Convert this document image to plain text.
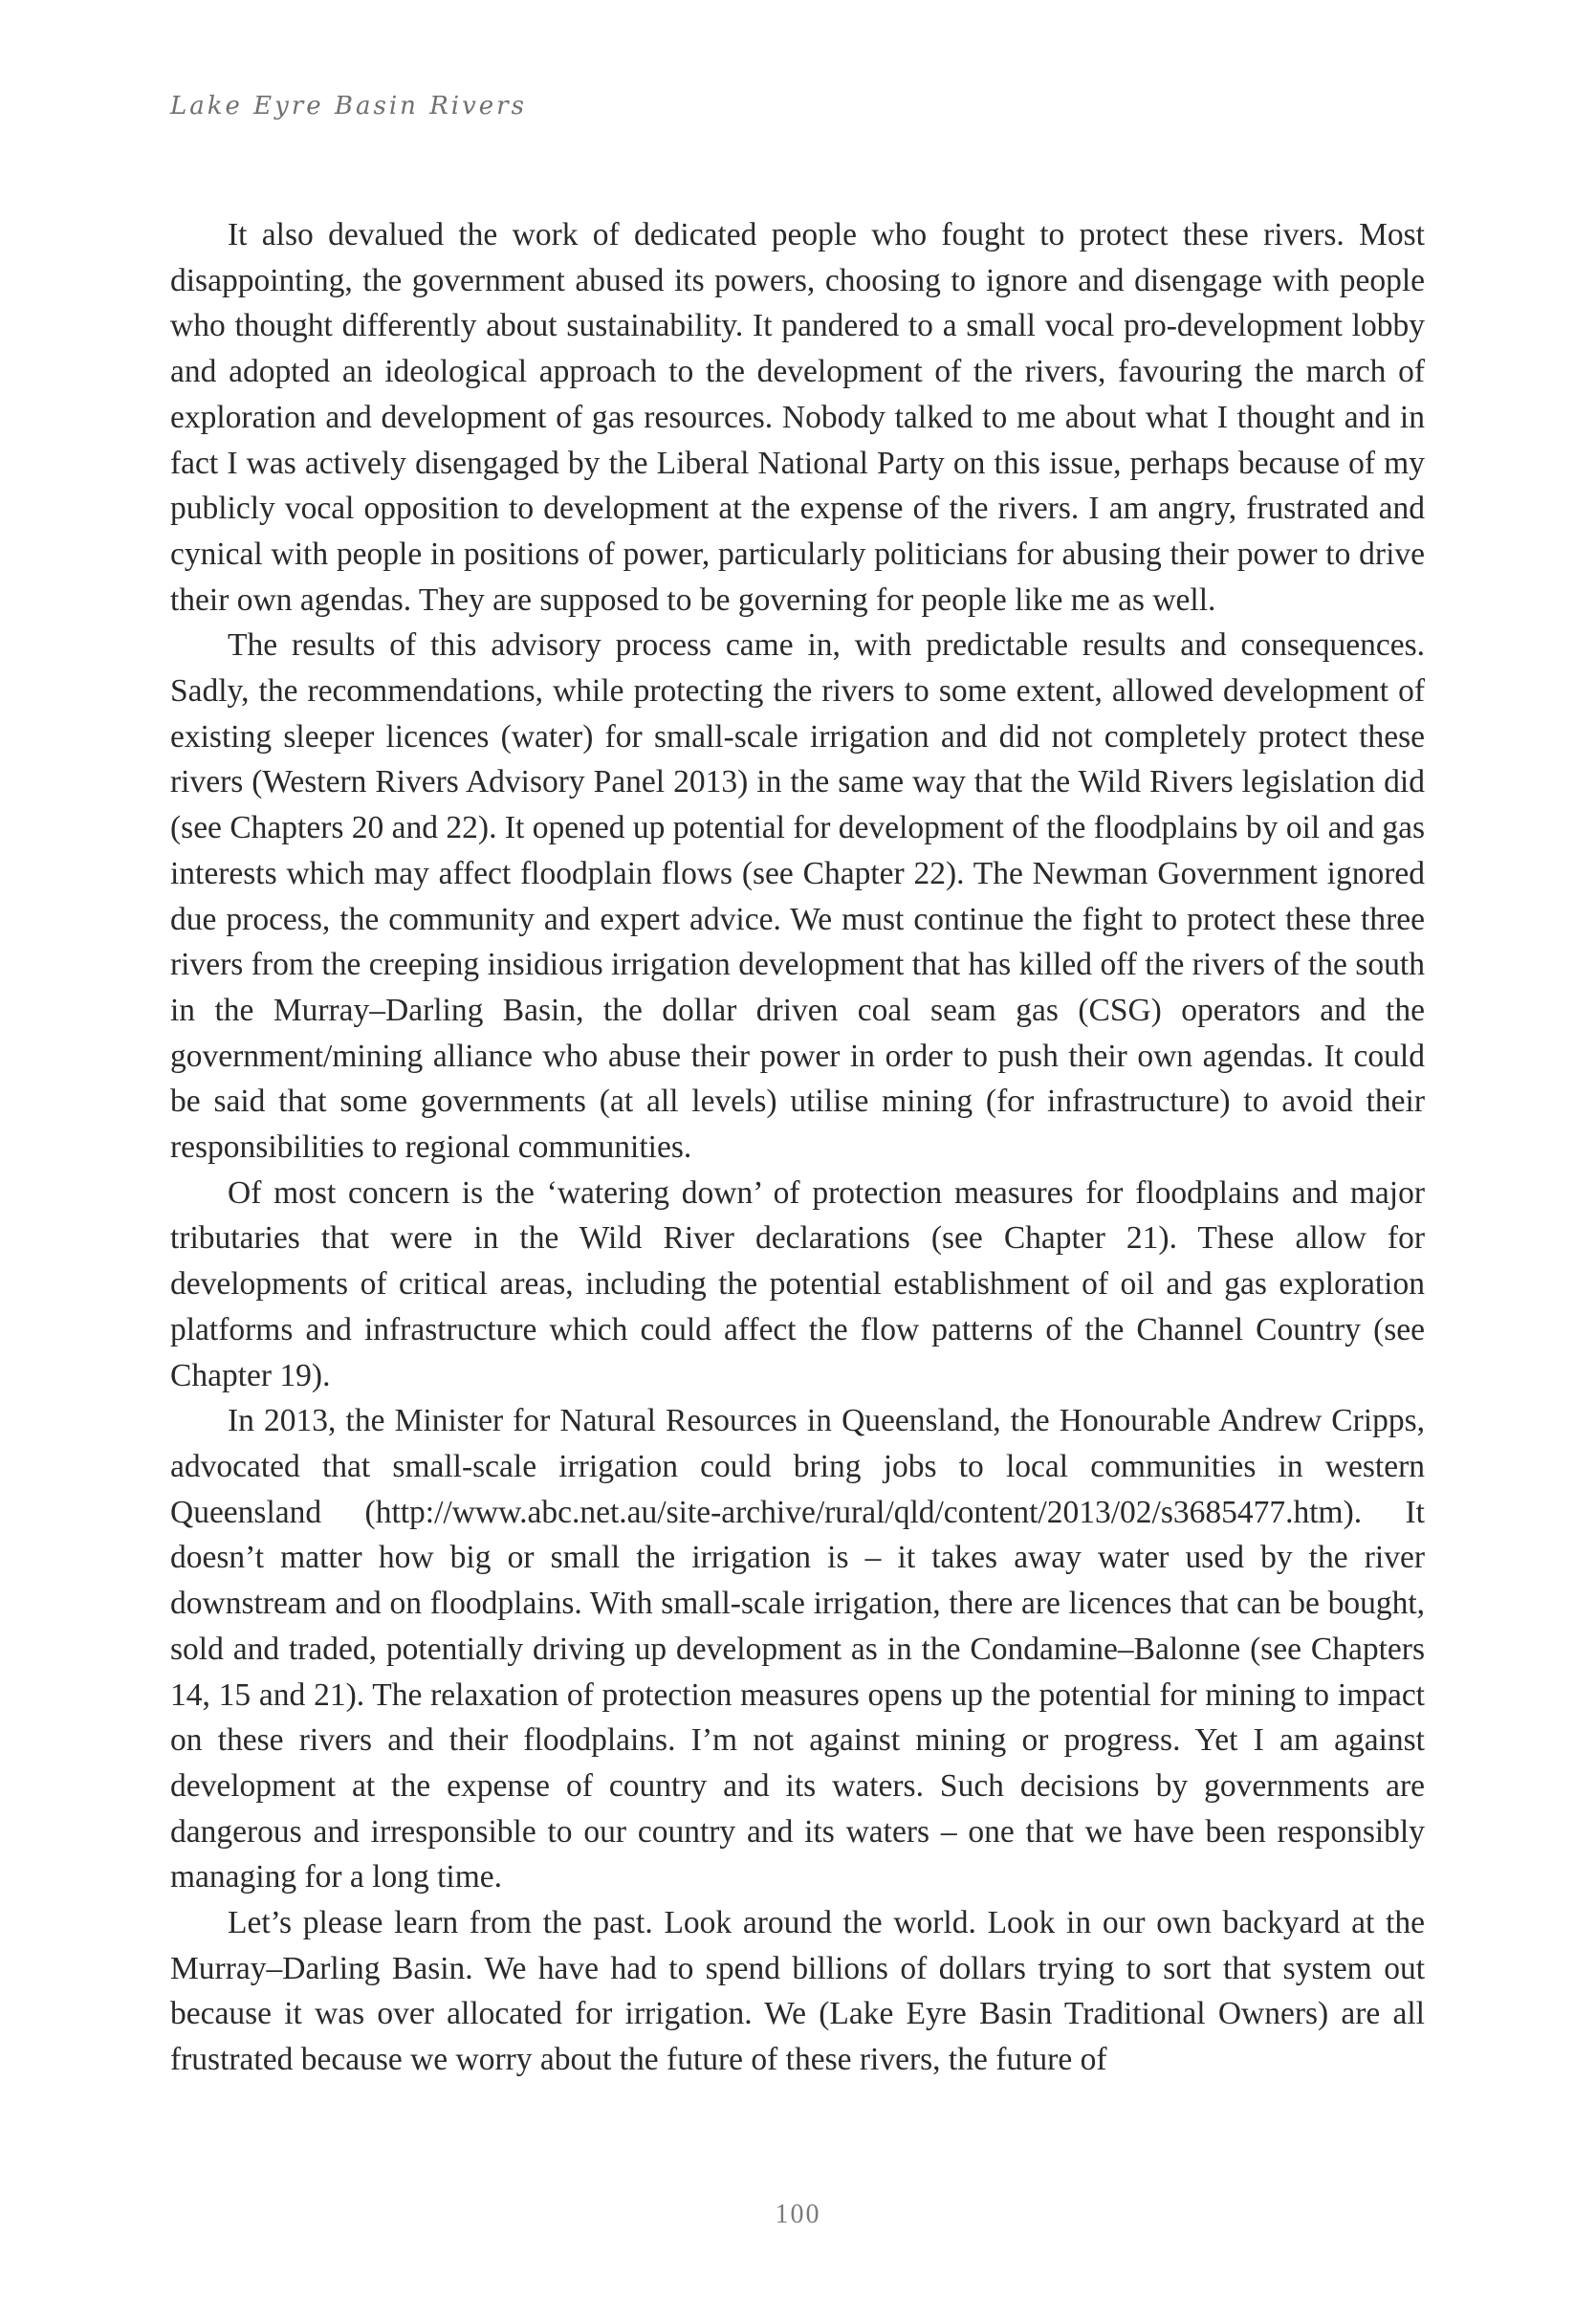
Lake Eyre Basin Rivers

It also devalued the work of dedicated people who fought to protect these rivers. Most disappointing, the government abused its powers, choosing to ignore and disengage with people who thought differently about sustainability. It pandered to a small vocal pro-development lobby and adopted an ideological approach to the development of the rivers, favouring the march of exploration and development of gas resources. Nobody talked to me about what I thought and in fact I was actively disengaged by the Liberal National Party on this issue, perhaps because of my publicly vocal opposition to development at the expense of the rivers. I am angry, frustrated and cynical with people in positions of power, particularly politicians for abusing their power to drive their own agendas. They are supposed to be governing for people like me as well.

The results of this advisory process came in, with predictable results and consequences. Sadly, the recommendations, while protecting the rivers to some extent, allowed development of existing sleeper licences (water) for small-scale irrigation and did not completely protect these rivers (Western Rivers Advisory Panel 2013) in the same way that the Wild Rivers legislation did (see Chapters 20 and 22). It opened up potential for development of the floodplains by oil and gas interests which may affect floodplain flows (see Chapter 22). The Newman Government ignored due process, the community and expert advice. We must continue the fight to protect these three rivers from the creeping insidious irrigation development that has killed off the rivers of the south in the Murray–Darling Basin, the dollar driven coal seam gas (CSG) operators and the government/mining alliance who abuse their power in order to push their own agendas. It could be said that some governments (at all levels) utilise mining (for infrastructure) to avoid their responsibilities to regional communities.

Of most concern is the ‘watering down’ of protection measures for floodplains and major tributaries that were in the Wild River declarations (see Chapter 21). These allow for developments of critical areas, including the potential establishment of oil and gas exploration platforms and infrastructure which could affect the flow patterns of the Channel Country (see Chapter 19).

In 2013, the Minister for Natural Resources in Queensland, the Honourable Andrew Cripps, advocated that small-scale irrigation could bring jobs to local communities in western Queensland (http://www.abc.net.au/site-archive/rural/qld/content/2013/02/s3685477.htm). It doesn’t matter how big or small the irrigation is – it takes away water used by the river downstream and on floodplains. With small-scale irrigation, there are licences that can be bought, sold and traded, potentially driving up development as in the Condamine–Balonne (see Chapters 14, 15 and 21). The relaxation of protection measures opens up the potential for mining to impact on these rivers and their floodplains. I’m not against mining or progress. Yet I am against development at the expense of country and its waters. Such decisions by governments are dangerous and irresponsible to our country and its waters – one that we have been responsibly managing for a long time.

Let’s please learn from the past. Look around the world. Look in our own backyard at the Murray–Darling Basin. We have had to spend billions of dollars trying to sort that system out because it was over allocated for irrigation. We (Lake Eyre Basin Traditional Owners) are all frustrated because we worry about the future of these rivers, the future of

100
